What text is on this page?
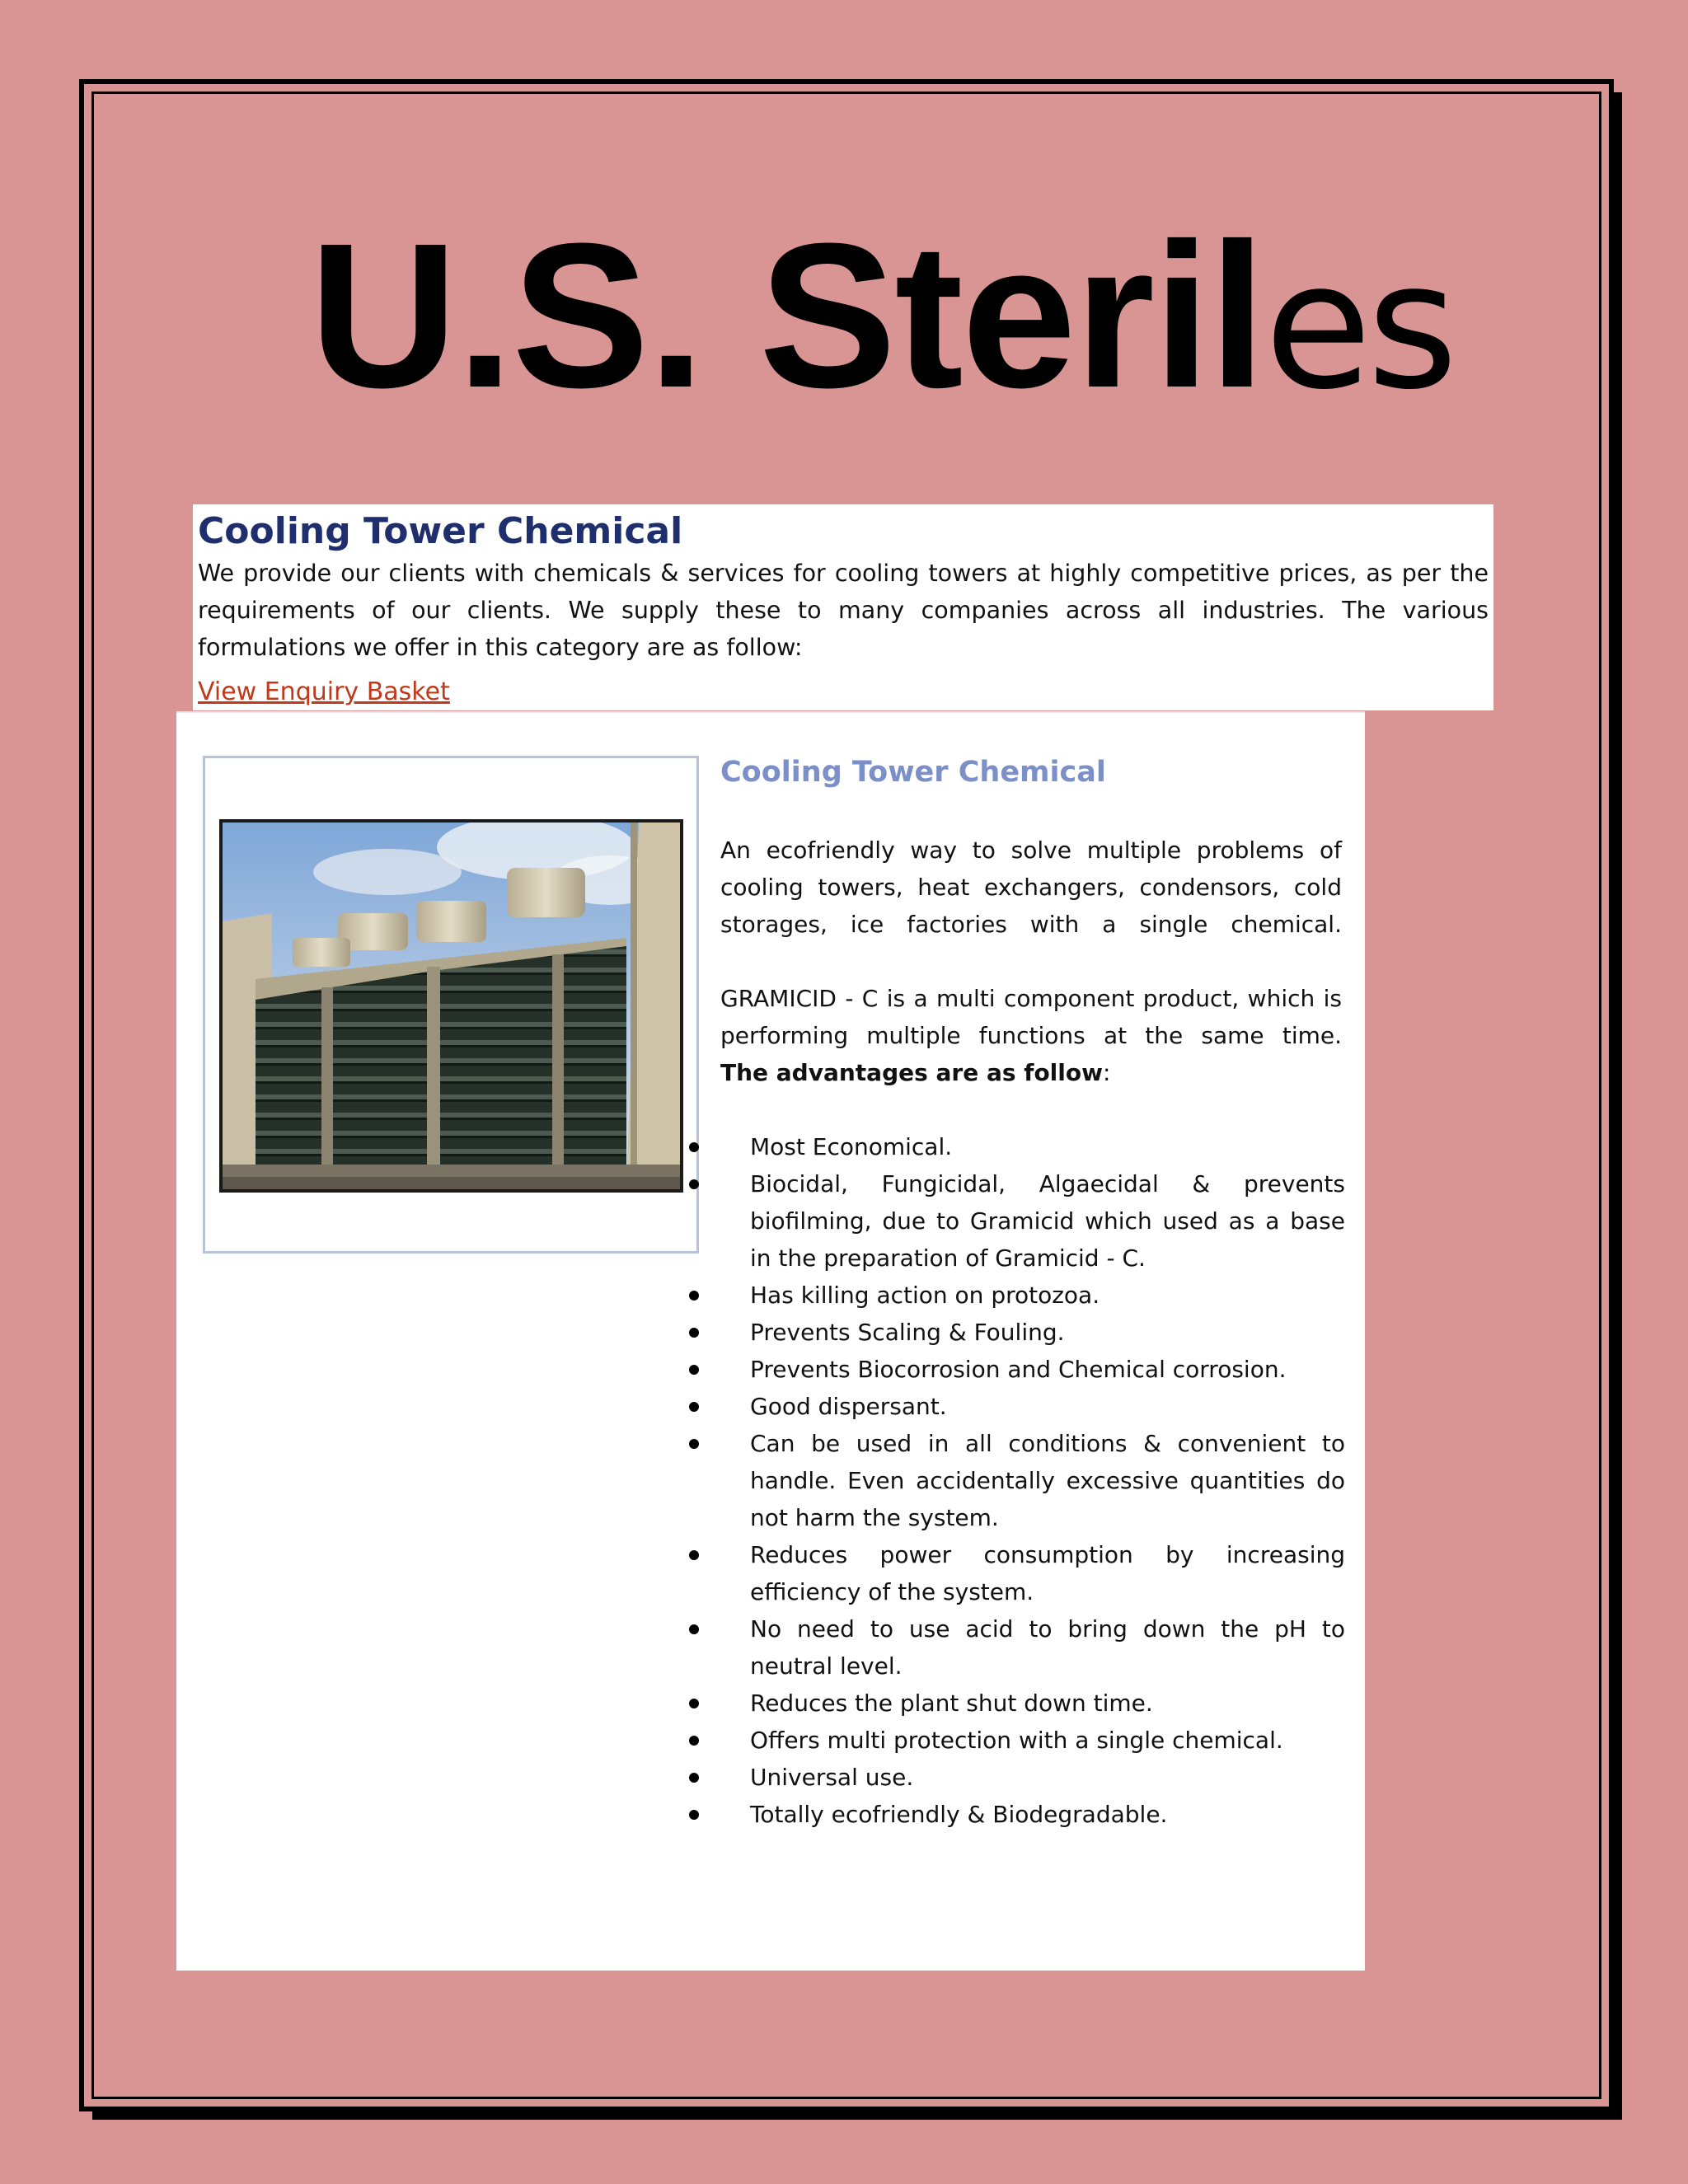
U.S. Steriles
Cooling Tower Chemical

We provide our clients with chemicals & services for cooling towers at highly competitive prices, as per the requirements of our clients. We supply these to many companies across all industries. The various formulations we offer in this category are as follow:

View Enquiry Basket
Cooling Tower Chemical

An ecofriendly way to solve multiple problems of cooling towers, heat exchangers, condensors, cold storages, ice factories with a single chemical.

GRAMICID - C is a multi component product, which is performing multiple functions at the same time.

The advantages are as follow:

Most Economical.
Biocidal, Fungicidal, Algaecidal & prevents biofilming, due to Gramicid which used as a base in the preparation of Gramicid - C.
Has killing action on protozoa.
Prevents Scaling & Fouling.
Prevents Biocorrosion and Chemical corrosion.
Good dispersant.
Can be used in all conditions & convenient to handle. Even accidentally excessive quantities do not harm the system.
Reduces power consumption by increasing efficiency of the system.
No need to use acid to bring down the pH to neutral level.
Reduces the plant shut down time.
Offers multi protection with a single chemical.
Universal use.
Totally ecofriendly & Biodegradable.
